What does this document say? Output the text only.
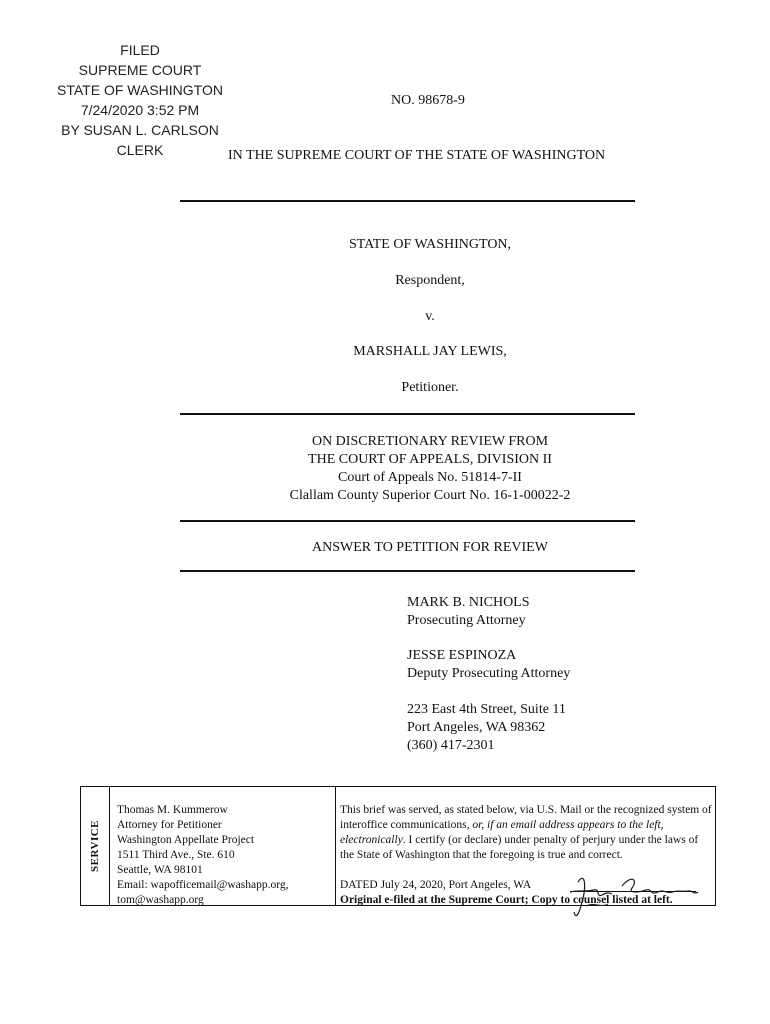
FILED
SUPREME COURT
STATE OF WASHINGTON
7/24/2020 3:52 PM
BY SUSAN L. CARLSON
CLERK
NO. 98678-9
IN THE SUPREME COURT OF THE STATE OF WASHINGTON
STATE OF WASHINGTON,
Respondent,
v.
MARSHALL JAY LEWIS,
Petitioner.
ON DISCRETIONARY REVIEW FROM
THE COURT OF APPEALS, DIVISION II
Court of Appeals No. 51814-7-II
Clallam County Superior Court No. 16-1-00022-2
ANSWER TO PETITION FOR REVIEW
MARK B. NICHOLS
Prosecuting Attorney
JESSE ESPINOZA
Deputy Prosecuting Attorney
223 East 4th Street, Suite 11
Port Angeles, WA 98362
(360) 417-2301
SERVICE
Thomas M. Kummerow
Attorney for Petitioner
Washington Appellate Project
1511 Third Ave., Ste. 610
Seattle, WA 98101
Email: wapofficemail@washapp.org,
tom@washapp.org
This brief was served, as stated below, via U.S. Mail or the recognized system of interoffice communications, or, if an email address appears to the left, electronically. I certify (or declare) under penalty of perjury under the laws of the State of Washington that the foregoing is true and correct.
DATED July 24, 2020, Port Angeles, WA
Original e-filed at the Supreme Court; Copy to counsel listed at left.
